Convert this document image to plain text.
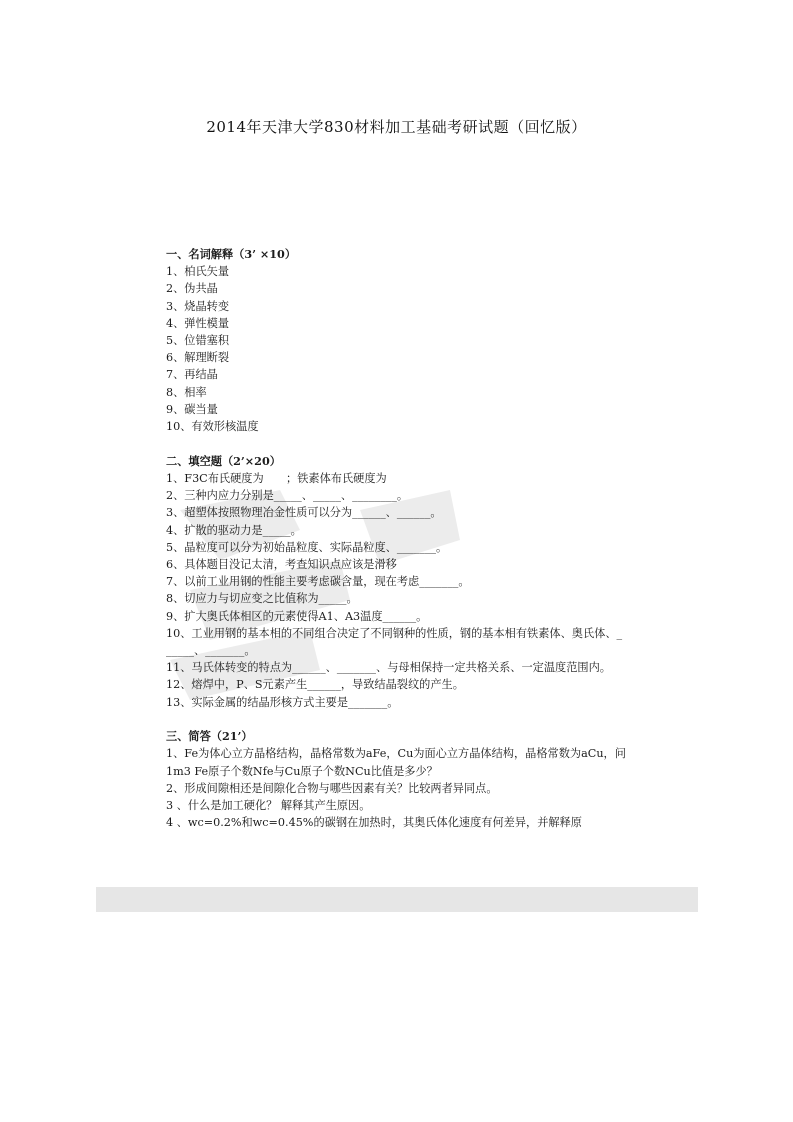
2014年天津大学830材料加工基础考研试题（回忆版）
一、名词解释（3’ ×10）
1、柏氏矢量
2、伪共晶
3、烧晶转变
4、弹性模量
5、位错塞积
6、解理断裂
7、再结晶
8、相率
9、碳当量
10、有效形核温度
二、填空题（2’×20）
1、F3C布氏硬度为　　；铁素体布氏硬度为
2、三种内应力分别是_____、_____、________。
3、超塑体按照物理冶金性质可以分为______、______。
4、扩散的驱动力是_____。
5、晶粒度可以分为初始晶粒度、实际晶粒度、_______。
6、具体题目没记太清，考查知识点应该是滑移
7、以前工业用钢的性能主要考虑碳含量，现在考虑_______。
8、切应力与切应变之比值称为_____。
9、扩大奥氏体相区的元素使得A1、A3温度______。
10、工业用钢的基本相的不同组合决定了不同钢种的性质，钢的基本相有铁素体、奥氏体、______、_______。
11、马氏体转变的特点为______、_______、与母相保持一定共格关系、一定温度范围内。
12、熔焊中，P、S元素产生______，导致结晶裂纹的产生。
13、实际金属的结晶形核方式主要是_______。
三、简答（21’）
1、Fe为体心立方晶格结构，晶格常数为aFe，Cu为面心立方晶体结构，晶格常数为aCu，问1m3 Fe原子个数Nfe与Cu原子个数NCu比值是多少？
2、形成间隙相还是间隙化合物与哪些因素有关？比较两者异同点。
3 、什么是加工硬化？ 解释其产生原因。
4 、wc=0.2%和wc=0.45%的碳钢在加热时，其奥氏体化速度有何差异，并解释原
